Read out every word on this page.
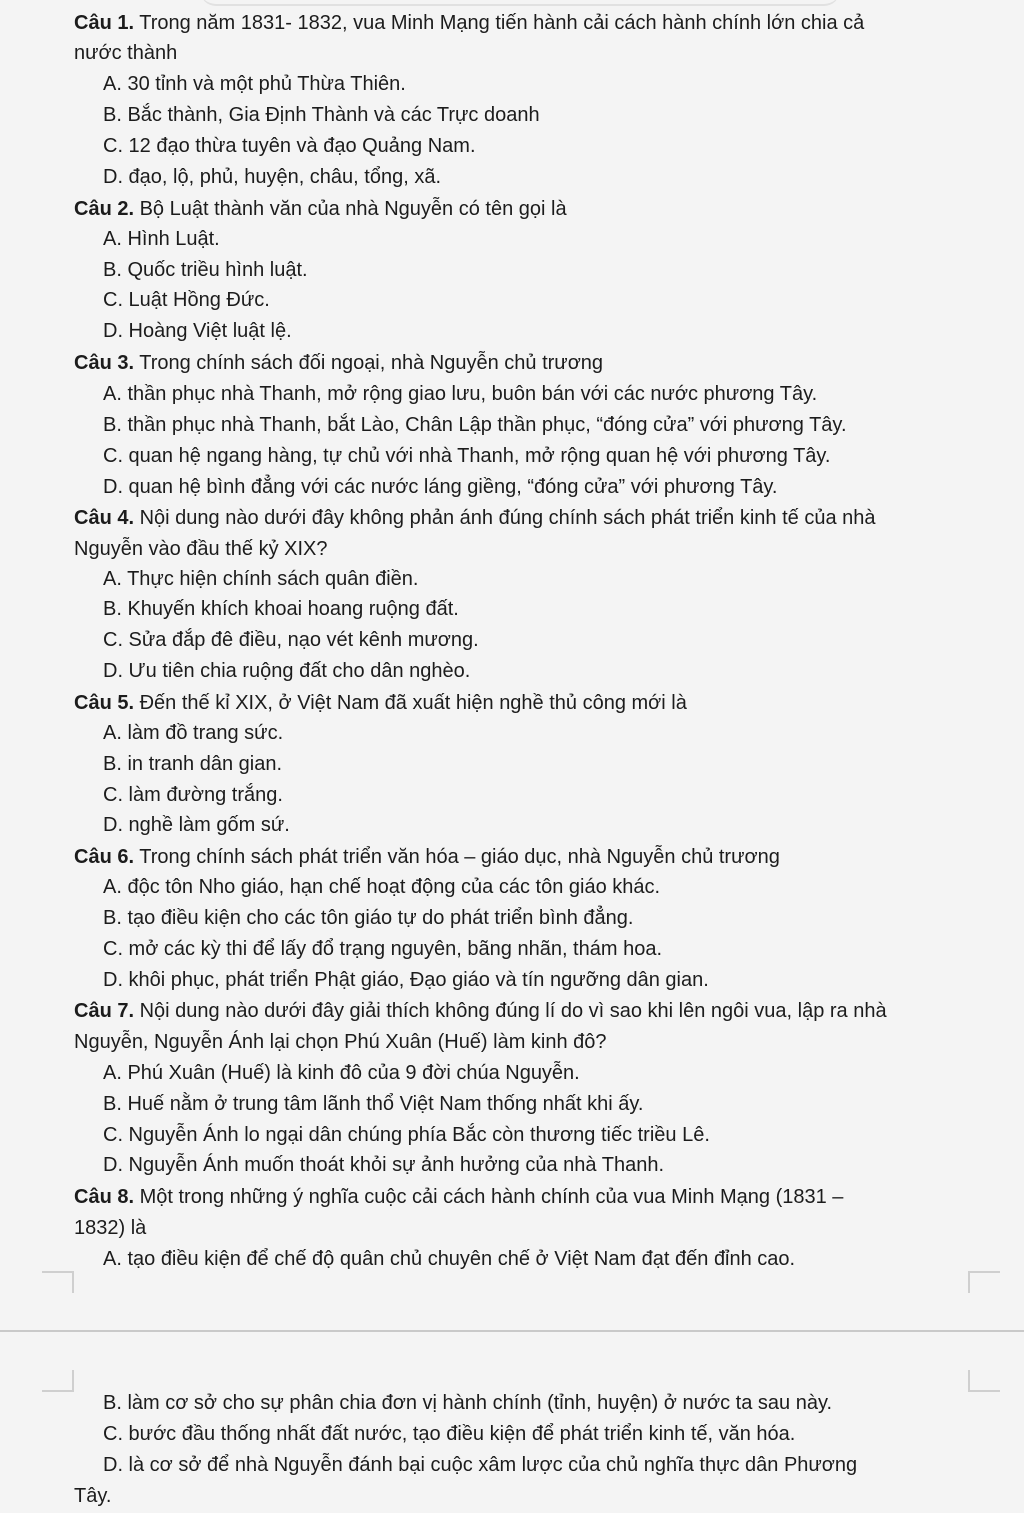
Câu 1. Trong năm 1831- 1832, vua Minh Mạng tiến hành cải cách hành chính lớn chia cả
nước thành
A. 30 tỉnh và một phủ Thừa Thiên.
B. Bắc thành, Gia Định Thành và các Trực doanh
C. 12 đạo thừa tuyên và đạo Quảng Nam.
D. đạo, lộ, phủ, huyện, châu, tổng, xã.
Câu 2. Bộ Luật thành văn của nhà Nguyễn có tên gọi là
A. Hình Luật.
B. Quốc triều hình luật.
C. Luật Hồng Đức.
D. Hoàng Việt luật lệ.
Câu 3. Trong chính sách đối ngoại, nhà Nguyễn chủ trương
A. thần phục nhà Thanh, mở rộng giao lưu, buôn bán với các nước phương Tây.
B. thần phục nhà Thanh, bắt Lào, Chân Lập thần phục, “đóng cửa” với phương Tây.
C. quan hệ ngang hàng, tự chủ với nhà Thanh, mở rộng quan hệ với phương Tây.
D. quan hệ bình đẳng với các nước láng giềng, “đóng cửa” với phương Tây.
Câu 4. Nội dung nào dưới đây không phản ánh đúng chính sách phát triển kinh tế của nhà
Nguyễn vào đầu thế kỷ XIX?
A. Thực hiện chính sách quân điền.
B. Khuyến khích khoai hoang ruộng đất.
C. Sửa đắp đê điều, nạo vét kênh mương.
D. Ưu tiên chia ruộng đất cho dân nghèo.
Câu 5. Đến thế kỉ XIX, ở Việt Nam đã xuất hiện nghề thủ công mới là
A. làm đồ trang sức.
B. in tranh dân gian.
C. làm đường trắng.
D. nghề làm gốm sứ.
Câu 6. Trong chính sách phát triển văn hóa – giáo dục, nhà Nguyễn chủ trương
A. độc tôn Nho giáo, hạn chế hoạt động của các tôn giáo khác.
B. tạo điều kiện cho các tôn giáo tự do phát triển bình đẳng.
C. mở các kỳ thi để lấy đổ trạng nguyên, bãng nhãn, thám hoa.
D. khôi phục, phát triển Phật giáo, Đạo giáo và tín ngưỡng dân gian.
Câu 7. Nội dung nào dưới đây giải thích không đúng lí do vì sao khi lên ngôi vua, lập ra nhà
Nguyễn, Nguyễn Ánh lại chọn Phú Xuân (Huế) làm kinh đô?
A. Phú Xuân (Huế) là kinh đô của 9 đời chúa Nguyễn.
B. Huế nằm ở trung tâm lãnh thổ Việt Nam thống nhất khi ấy.
C. Nguyễn Ánh lo ngại dân chúng phía Bắc còn thương tiếc triều Lê.
D. Nguyễn Ánh muốn thoát khỏi sự ảnh hưởng của nhà Thanh.
Câu 8. Một trong những ý nghĩa cuộc cải cách hành chính của vua Minh Mạng (1831 –
1832) là
A. tạo điều kiện để chế độ quân chủ chuyên chế ở Việt Nam đạt đến đỉnh cao.
B. làm cơ sở cho sự phân chia đơn vị hành chính (tỉnh, huyện) ở nước ta sau này.
C. bước đầu thống nhất đất nước, tạo điều kiện để phát triển kinh tế, văn hóa.
D. là cơ sở để nhà Nguyễn đánh bại cuộc xâm lược của chủ nghĩa thực dân Phương
Tây.
